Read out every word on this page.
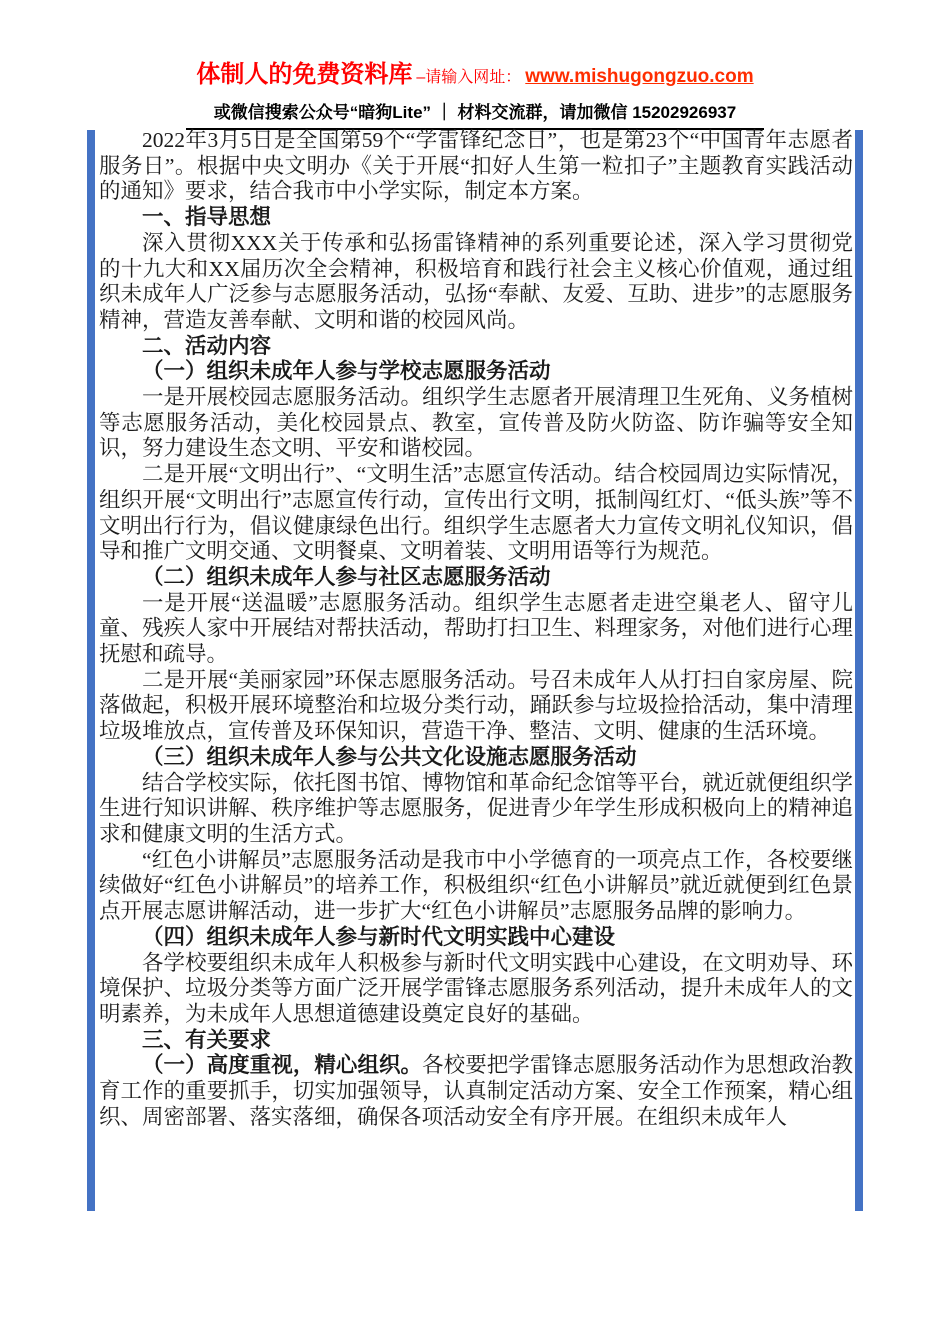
体制人的免费资料库 –请输入网址： www.mishugongzuo.com
或微信搜索公众号“暗狗Lite” ｜ 材料交流群，请加微信 15202926937

2022年3月5日是全国第59个“学雷锋纪念日”，也是第23个“中国青年志愿者服务日”。根据中央文明办《关于开展“扣好人生第一粒扣子”主题教育实践活动的通知》要求，结合我市中小学实际，制定本方案。

一、指导思想

深入贯彻XXX关于传承和弘扬雷锋精神的系列重要论述，深入学习贯彻党的十九大和XX届历次全会精神，积极培育和践行社会主义核心价值观，通过组织未成年人广泛参与志愿服务活动，弘扬“奉献、友爱、互助、进步”的志愿服务精神，营造友善奉献、文明和谐的校园风尚。

二、活动内容

（一）组织未成年人参与学校志愿服务活动

一是开展校园志愿服务活动。组织学生志愿者开展清理卫生死角、义务植树等志愿服务活动，美化校园景点、教室，宣传普及防火防盗、防诈骗等安全知识，努力建设生态文明、平安和谐校园。

二是开展“文明出行”、“文明生活”志愿宣传活动。结合校园周边实际情况，组织开展“文明出行”志愿宣传行动，宣传出行文明，抵制闯红灯、“低头族”等不文明出行行为，倡议健康绿色出行。组织学生志愿者大力宣传文明礼仪知识，倡导和推广文明交通、文明餐桌、文明着装、文明用语等行为规范。

（二）组织未成年人参与社区志愿服务活动

一是开展“送温暖”志愿服务活动。组织学生志愿者走进空巢老人、留守儿童、残疾人家中开展结对帮扶活动，帮助打扫卫生、料理家务，对他们进行心理抚慰和疏导。

二是开展“美丽家园”环保志愿服务活动。号召未成年人从打扫自家房屋、院落做起，积极开展环境整治和垃圾分类行动，踊跃参与垃圾捡拾活动，集中清理垃圾堆放点，宣传普及环保知识，营造干净、整洁、文明、健康的生活环境。

（三）组织未成年人参与公共文化设施志愿服务活动

结合学校实际，依托图书馆、博物馆和革命纪念馆等平台，就近就便组织学生进行知识讲解、秩序维护等志愿服务，促进青少年学生形成积极向上的精神追求和健康文明的生活方式。

“红色小讲解员”志愿服务活动是我市中小学德育的一项亮点工作，各校要继续做好“红色小讲解员”的培养工作，积极组织“红色小讲解员”就近就便到红色景点开展志愿讲解活动，进一步扩大“红色小讲解员”志愿服务品牌的影响力。

（四）组织未成年人参与新时代文明实践中心建设

各学校要组织未成年人积极参与新时代文明实践中心建设，在文明劝导、环境保护、垃圾分类等方面广泛开展学雷锋志愿服务系列活动，提升未成年人的文明素养，为未成年人思想道德建设奠定良好的基础。

三、有关要求

（一）高度重视，精心组织。各校要把学雷锋志愿服务活动作为思想政治教育工作的重要抓手，切实加强领导，认真制定活动方案、安全工作预案，精心组织、周密部署、落实落细，确保各项活动安全有序开展。在组织未成年人
